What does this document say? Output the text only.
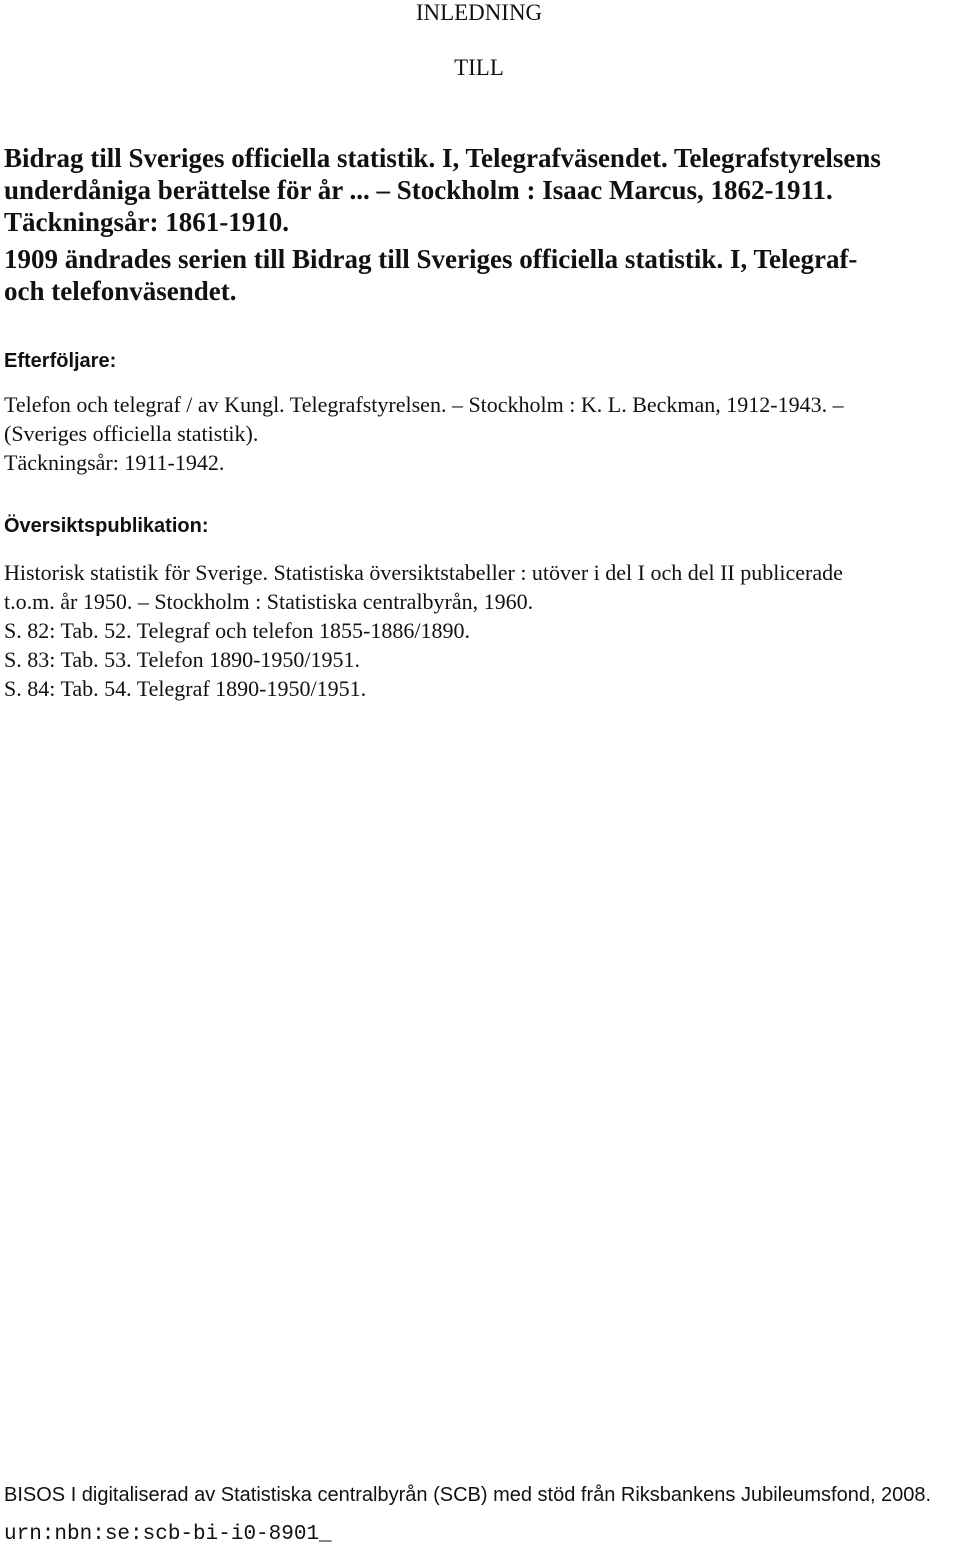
INLEDNING
TILL
Bidrag till Sveriges officiella statistik. I, Telegrafväsendet. Telegrafstyrelsens
underdåniga berättelse för år ... – Stockholm : Isaac Marcus, 1862-1911.
Täckningsår: 1861-1910.
1909 ändrades serien till Bidrag till Sveriges officiella statistik. I, Telegraf-
och telefonväsendet.
Efterföljare:
Telefon och telegraf / av Kungl. Telegrafstyrelsen. – Stockholm : K. L. Beckman, 1912-1943. –
(Sveriges officiella statistik).
Täckningsår: 1911-1942.
Översiktspublikation:
Historisk statistik för Sverige. Statistiska översiktstabeller : utöver i del I och del II publicerade
t.o.m. år 1950. – Stockholm : Statistiska centralbyrån, 1960.
S. 82: Tab. 52. Telegraf och telefon 1855-1886/1890.
S. 83: Tab. 53. Telefon 1890-1950/1951.
S. 84: Tab. 54. Telegraf 1890-1950/1951.
BISOS I digitaliserad av Statistiska centralbyrån (SCB) med stöd från Riksbankens Jubileumsfond, 2008.
urn:nbn:se:scb-bi-i0-8901_
